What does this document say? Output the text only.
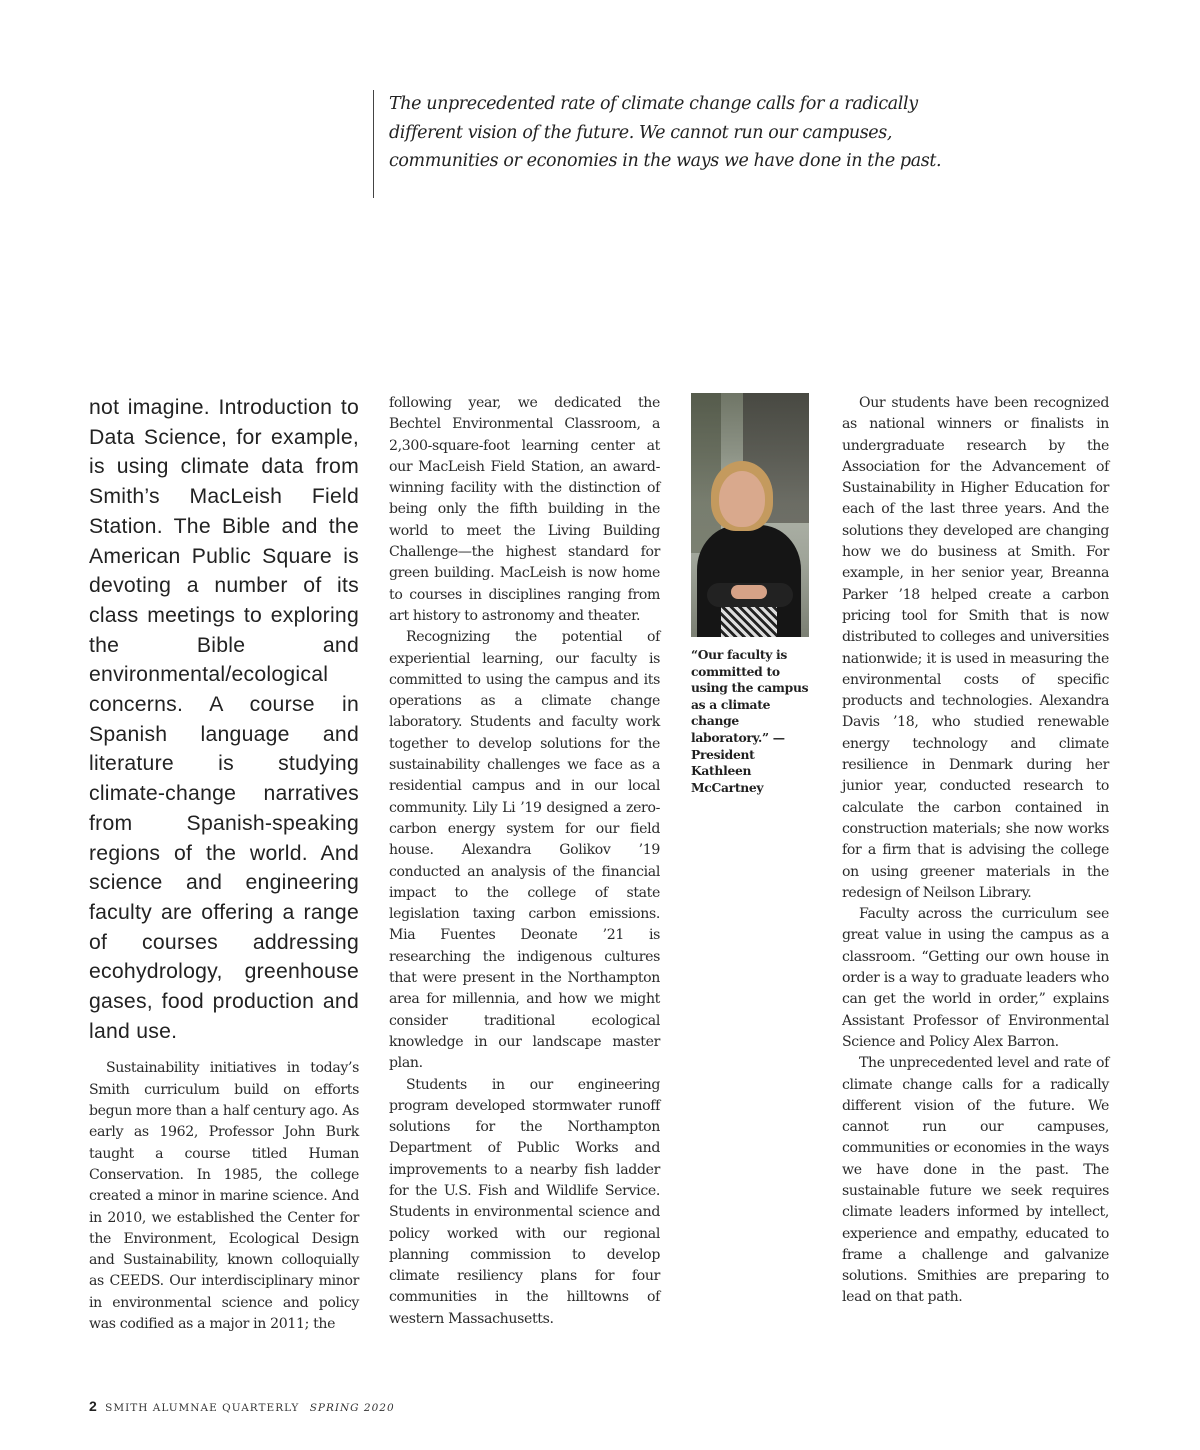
The unprecedented rate of climate change calls for a radically different vision of the future. We cannot run our campuses, communities or economies in the ways we have done in the past.

not imagine. Introduction to Data Science, for example, is using climate data from Smith’s MacLeish Field Station. The Bible and the American Public Square is devoting a number of its class meetings to exploring the Bible and environmental/ecological concerns. A course in Spanish language and literature is studying climate-change narratives from Spanish-speaking regions of the world. And science and engineering faculty are offering a range of courses addressing ecohydrology, greenhouse gases, food production and land use.

Sustainability initiatives in today’s Smith curriculum build on efforts begun more than a half century ago. As early as 1962, Professor John Burk taught a course titled Human Conservation. In 1985, the college created a minor in marine science. And in 2010, we established the Center for the Environment, Ecological Design and Sustainability, known colloquially as CEEDS. Our interdisciplinary minor in environmental science and policy was codified as a major in 2011; the

following year, we dedicated the Bechtel Environmental Classroom, a 2,300-square-foot learning center at our MacLeish Field Station, an award-winning facility with the distinction of being only the fifth building in the world to meet the Living Building Challenge—the highest standard for green building. MacLeish is now home to courses in disciplines ranging from art history to astronomy and theater.

Recognizing the potential of experiential learning, our faculty is committed to using the campus and its operations as a climate change laboratory. Students and faculty work together to develop solutions for the sustainability challenges we face as a residential campus and in our local community. Lily Li ’19 designed a zero-carbon energy system for our field house. Alexandra Golikov ’19 conducted an analysis of the financial impact to the college of state legislation taxing carbon emissions. Mia Fuentes Deonate ’21 is researching the indigenous cultures that were present in the Northampton area for millennia, and how we might consider traditional ecological knowledge in our landscape master plan.

Students in our engineering program developed stormwater runoff solutions for the Northampton Department of Public Works and improvements to a nearby fish ladder for the U.S. Fish and Wildlife Service. Students in environmental science and policy worked with our regional planning commission to develop climate resiliency plans for four communities in the hilltowns of western Massachusetts.

“Our faculty is committed to using the campus as a climate change laboratory.” —President Kathleen McCartney

Our students have been recognized as national winners or finalists in undergraduate research by the Association for the Advancement of Sustainability in Higher Education for each of the last three years. And the solutions they developed are changing how we do business at Smith. For example, in her senior year, Breanna Parker ’18 helped create a carbon pricing tool for Smith that is now distributed to colleges and universities nationwide; it is used in measuring the environmental costs of specific products and technologies. Alexandra Davis ’18, who studied renewable energy technology and climate resilience in Denmark during her junior year, conducted research to calculate the carbon contained in construction materials; she now works for a firm that is advising the college on using greener materials in the redesign of Neilson Library.

Faculty across the curriculum see great value in using the campus as a classroom. “Getting our own house in order is a way to graduate leaders who can get the world in order,” explains Assistant Professor of Environmental Science and Policy Alex Barron.

The unprecedented level and rate of climate change calls for a radically different vision of the future. We cannot run our campuses, communities or economies in the ways we have done in the past. The sustainable future we seek requires climate leaders informed by intellect, experience and empathy, educated to frame a challenge and galvanize solutions. Smithies are preparing to lead on that path.

2 SMITH ALUMNAE QUARTERLY SPRING 2020
